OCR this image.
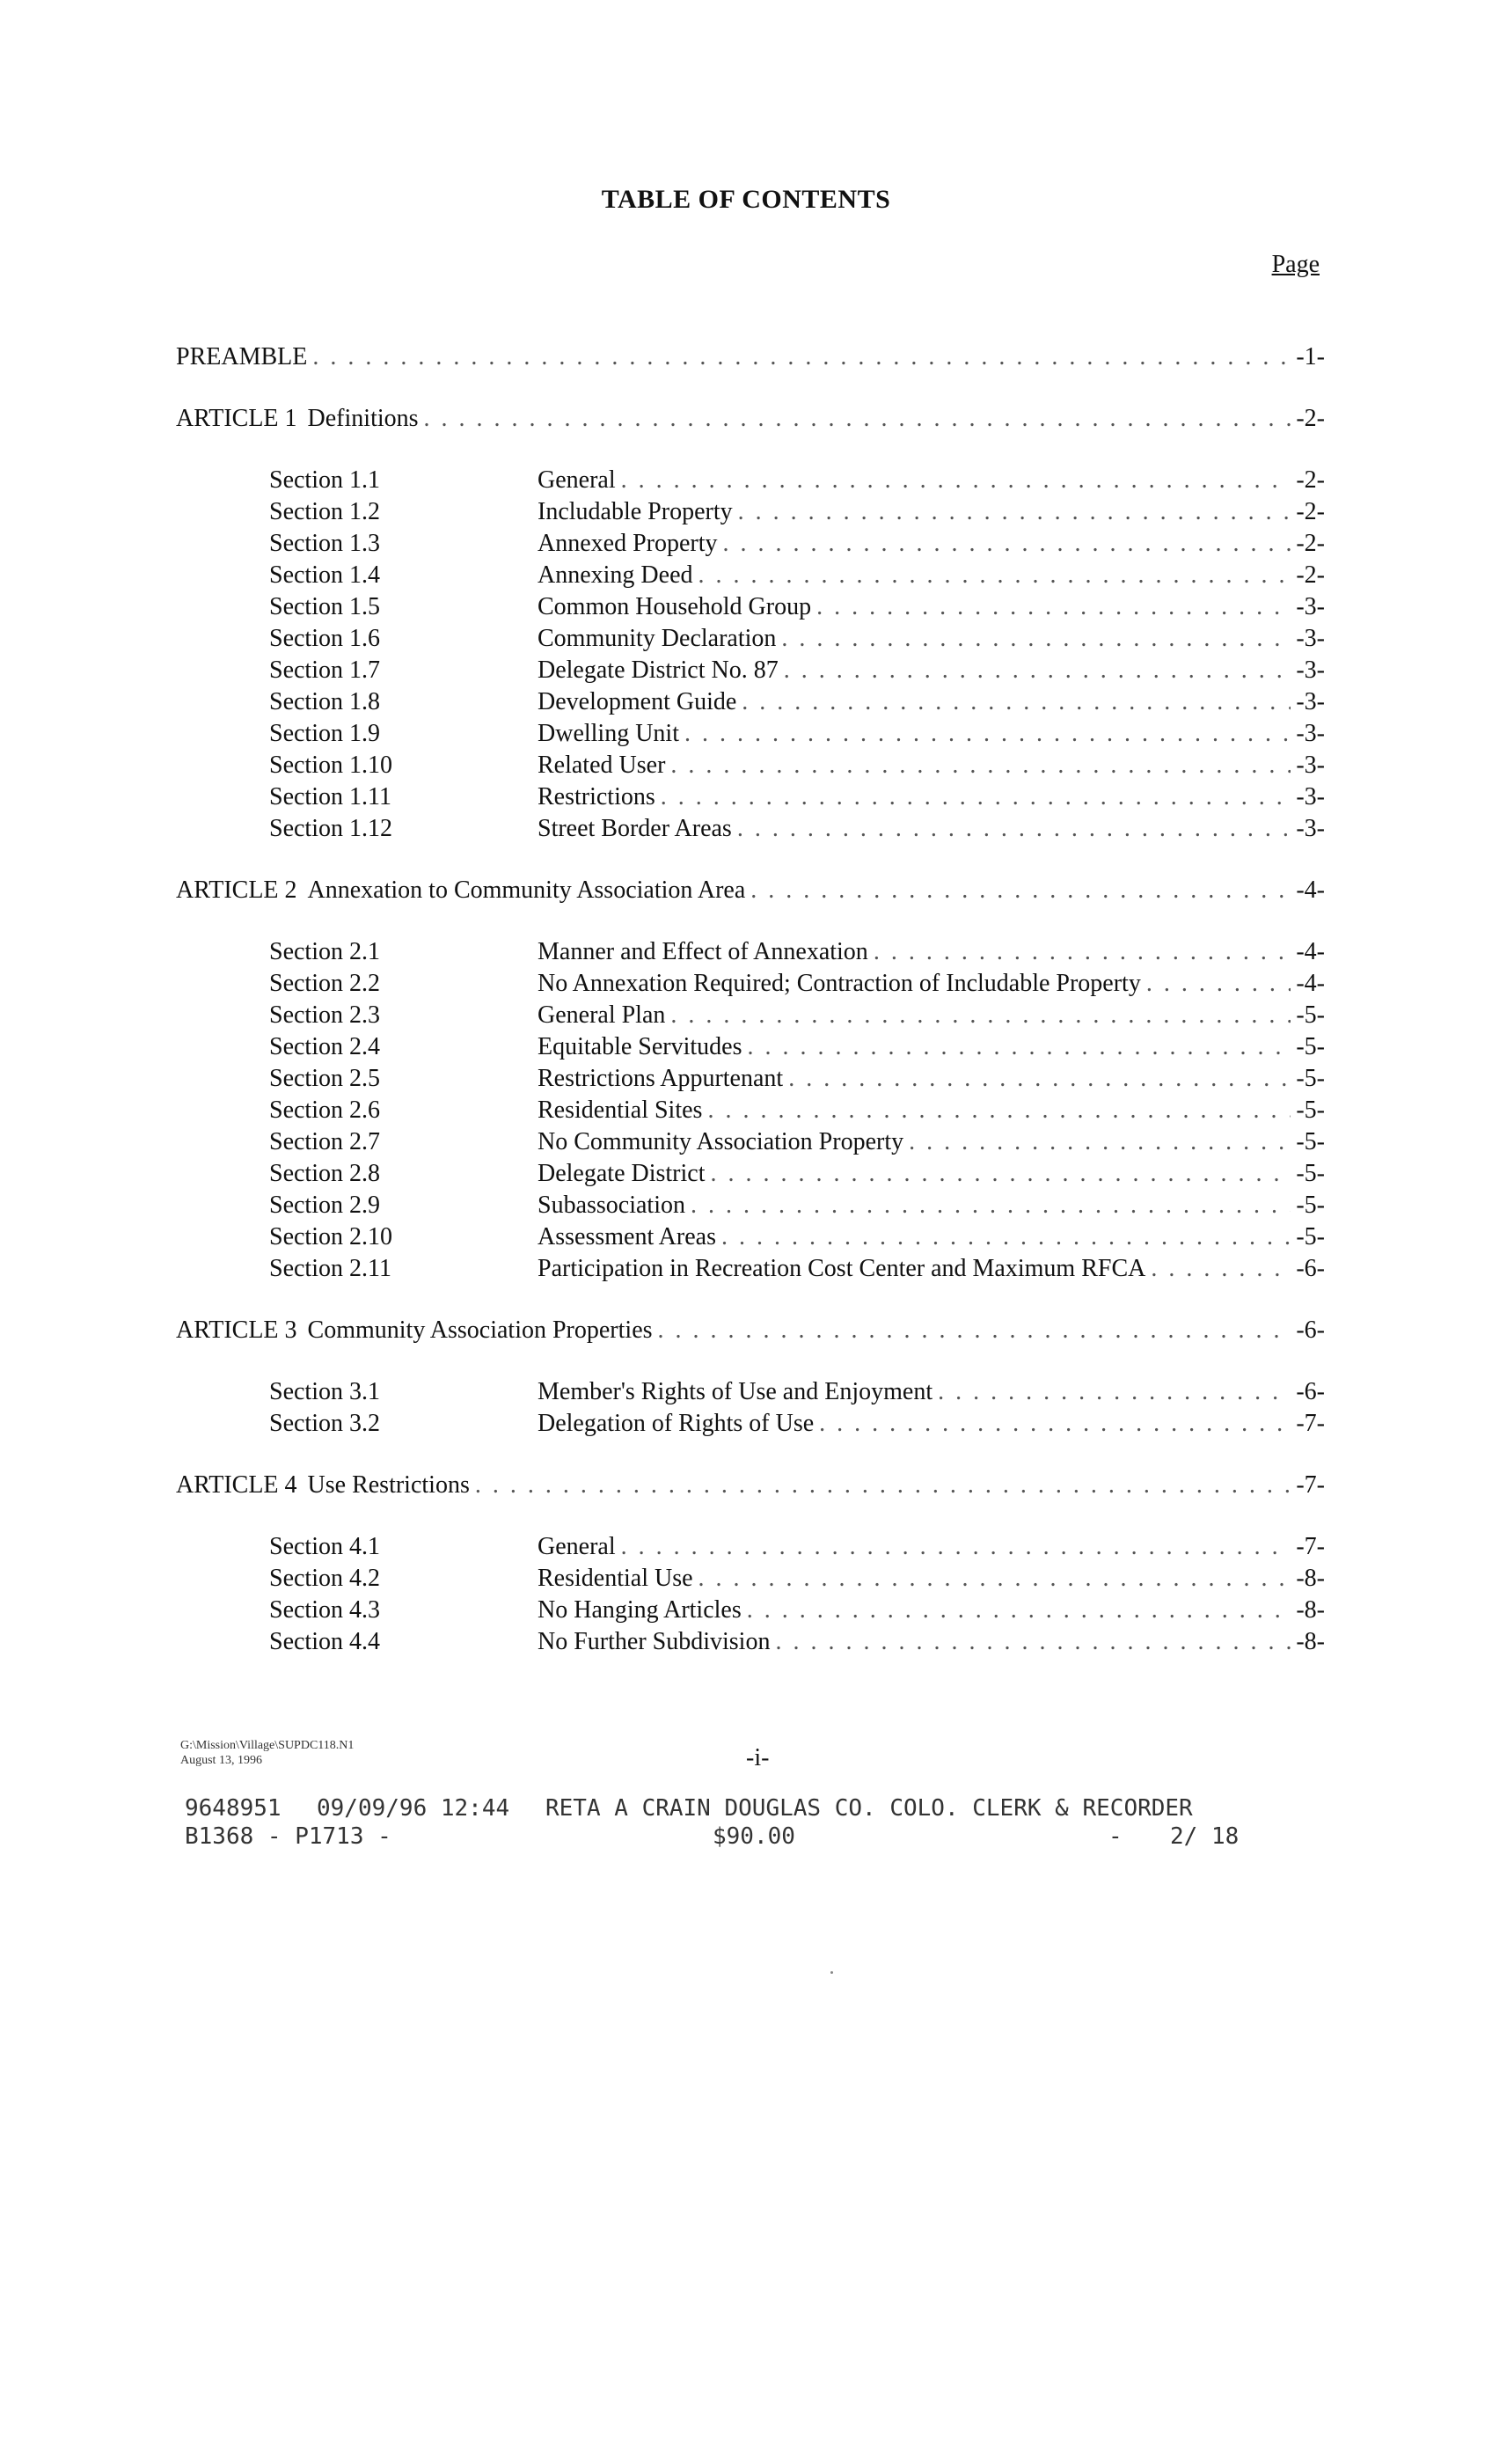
TABLE OF CONTENTS
Page
PREAMBLE . . .	-1-
ARTICLE 1 Definitions . . .	-2-
Section 1.1	General . . .	-2-
Section 1.2	Includable Property . . .	-2-
Section 1.3	Annexed Property . . .	-2-
Section 1.4	Annexing Deed . . .	-2-
Section 1.5	Common Household Group . . .	-3-
Section 1.6	Community Declaration . . .	-3-
Section 1.7	Delegate District No. 87 . . .	-3-
Section 1.8	Development Guide . . .	-3-
Section 1.9	Dwelling Unit . . .	-3-
Section 1.10	Related User . . .	-3-
Section 1.11	Restrictions . . .	-3-
Section 1.12	Street Border Areas . . .	-3-
ARTICLE 2 Annexation to Community Association Area . . .	-4-
Section 2.1	Manner and Effect of Annexation . . .	-4-
Section 2.2	No Annexation Required; Contraction of Includable Property . . .	-4-
Section 2.3	General Plan . . .	-5-
Section 2.4	Equitable Servitudes . . .	-5-
Section 2.5	Restrictions Appurtenant . . .	-5-
Section 2.6	Residential Sites . . .	-5-
Section 2.7	No Community Association Property . . .	-5-
Section 2.8	Delegate District . . .	-5-
Section 2.9	Subassociation . . .	-5-
Section 2.10	Assessment Areas . . .	-5-
Section 2.11	Participation in Recreation Cost Center and Maximum RFCA . . .	-6-
ARTICLE 3 Community Association Properties . . .	-6-
Section 3.1	Member's Rights of Use and Enjoyment . . .	-6-
Section 3.2	Delegation of Rights of Use . . .	-7-
ARTICLE 4 Use Restrictions . . .	-7-
Section 4.1	General . . .	-7-
Section 4.2	Residential Use . . .	-8-
Section 4.3	No Hanging Articles . . .	-8-
Section 4.4	No Further Subdivision . . .	-8-
G:\Mission\Village\SUPDC118.N1
August 13, 1996	-i-
9648951 09/09/96 12:44 RETA A CRAIN DOUGLAS CO. COLO. CLERK & RECORDER
B1368 - P1713 -	$90.00	- 2/ 18
